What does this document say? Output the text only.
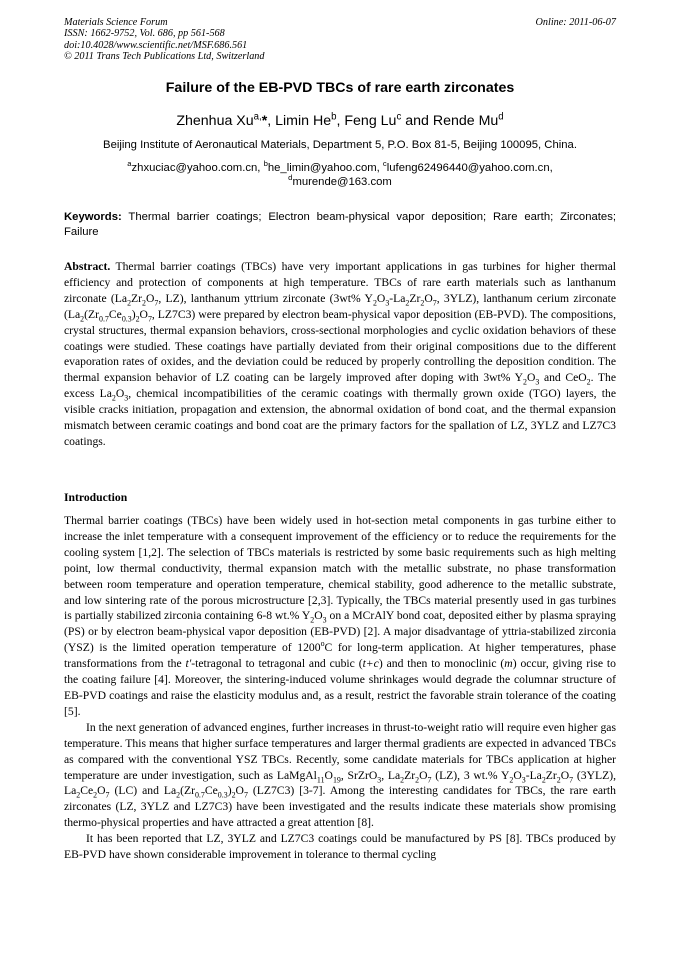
Materials Science Forum
ISSN: 1662-9752, Vol. 686, pp 561-568
doi:10.4028/www.scientific.net/MSF.686.561
© 2011 Trans Tech Publications Ltd, Switzerland
Online: 2011-06-07
Failure of the EB-PVD TBCs of rare earth zirconates
Zhenhua $Xu^{a,}*$, Limin He$^b$, Feng Lu$^c$ and Rende Mu$^d$
Beijing Institute of Aeronautical Materials, Department 5, P.O. Box 81-5, Beijing 100095, China.
$^a$zhxuciac@yahoo.com.cn, $^b$he_limin@yahoo.com, $^c$lufeng62496440@yahoo.com.cn,
$^d$murende@163.com
Keywords: Thermal barrier coatings; Electron beam-physical vapor deposition; Rare earth; Zirconates; Failure
Abstract. Thermal barrier coatings (TBCs) have very important applications in gas turbines for higher thermal efficiency and protection of components at high temperature. TBCs of rare earth materials such as lanthanum zirconate ($La_2Zr_2O_7$, LZ), lanthanum yttrium zirconate (3wt% $Y_2O_3-La_2Zr_2O_7$, 3YLZ), lanthanum cerium zirconate ($La_2(Zr_{0.7}Ce_{0.3})_2O_7$, LZ7C3) were prepared by electron beam-physical vapor deposition (EB-PVD). The compositions, crystal structures, thermal expansion behaviors, cross-sectional morphologies and cyclic oxidation behaviors of these coatings were studied. These coatings have partially deviated from their original compositions due to the different evaporation rates of oxides, and the deviation could be reduced by properly controlling the deposition condition. The thermal expansion behavior of LZ coating can be largely improved after doping with 3wt% $Y_2O_3$ and CeO$_2$. The excess $La_2O_3$, chemical incompatibilities of the ceramic coatings with thermally grown oxide (TGO) layers, the visible cracks initiation, propagation and extension, the abnormal oxidation of bond coat, and the thermal expansion mismatch between ceramic coatings and bond coat are the primary factors for the spallation of LZ, 3YLZ and LZ7C3 coatings.
Introduction

Thermal barrier coatings (TBCs) have been widely used in hot-section metal components in gas turbine either to increase the inlet temperature with a consequent improvement of the efficiency or to reduce the requirements for the cooling system [1,2]. The selection of TBCs materials is restricted by some basic requirements such as high melting point, low thermal conductivity, thermal expansion match with the metallic substrate, no phase transformation between room temperature and operation temperature, chemical stability, good adherence to the metallic substrate, and low sintering rate of the porous microstructure [2,3]. Typically, the TBCs material presently used in gas turbines is partially stabilized zirconia containing 6-8 wt.% $Y_2O_3$ on a MCrAlY bond coat, deposited either by plasma spraying (PS) or by electron beam-physical vapor deposition (EB-PVD) [2]. A major disadvantage of yttria-stabilized zirconia (YSZ) is the limited operation temperature of 1200$^o$C for long-term application. At higher temperatures, phase transformations from the t'-tetragonal to tetragonal and cubic (t+c) and then to monoclinic (m) occur, giving rise to the coating failure [4]. Moreover, the sintering-induced volume shrinkages would degrade the columnar structure of EB-PVD coatings and raise the elasticity modulus and, as a result, restrict the favorable strain tolerance of the coating [5].

In the next generation of advanced engines, further increases in thrust-to-weight ratio will require even higher gas temperature. This means that higher surface temperatures and larger thermal gradients are expected in advanced TBCs as compared with the conventional YSZ TBCs. Recently, some candidate materials for TBCs application at higher temperature are under investigation, such as $LaMgAl_{11}O_{19}$, SrZrO$_3$, $La_2Zr_2O_7$ (LZ), 3 wt.% $Y_2O_3-La_2Zr_2O_7$ (3YLZ), $La_2Ce_2O_7$ (LC) and $La_2(Zr_{0.7}Ce_{0.3})_2O_7$ (LZ7C3) [3-7]. Among the interesting candidates for TBCs, the rare earth zirconates (LZ, 3YLZ and LZ7C3) have been investigated and the results indicate these materials show promising thermo-physical properties and have attracted a great attention [8].

It has been reported that LZ, 3YLZ and LZ7C3 coatings could be manufactured by PS [8]. TBCs produced by EB-PVD have shown considerable improvement in tolerance to thermal cycling
